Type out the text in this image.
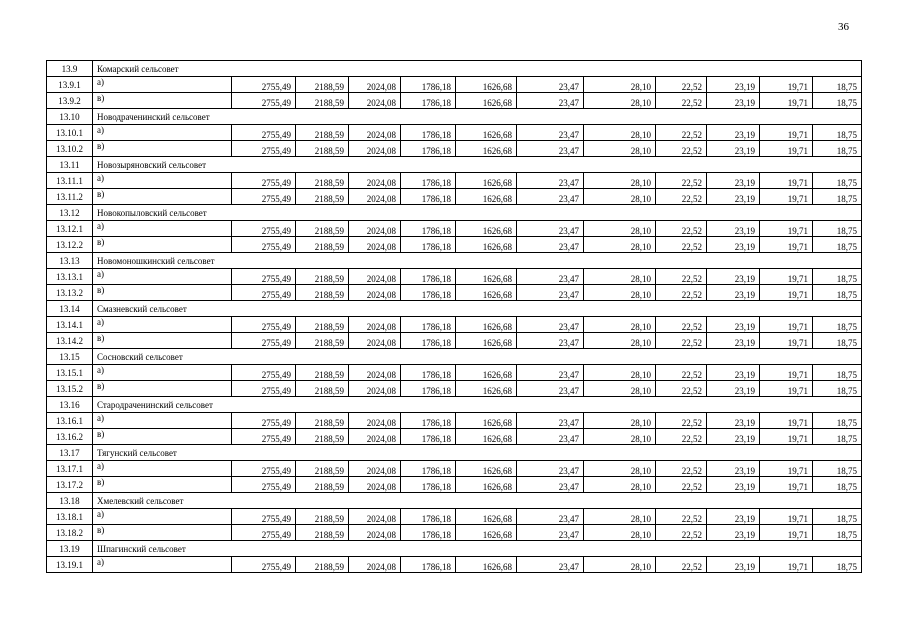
36
13.9	Комарский сельсовет											
13.9.1	а)	2755,49	2188,59	2024,08	1786,18	1626,68	23,47	28,10	22,52	23,19	19,71	18,75
13.9.2	в)	2755,49	2188,59	2024,08	1786,18	1626,68	23,47	28,10	22,52	23,19	19,71	18,75
13.10	Новодраченинский сельсовет											
13.10.1	а)	2755,49	2188,59	2024,08	1786,18	1626,68	23,47	28,10	22,52	23,19	19,71	18,75
13.10.2	в)	2755,49	2188,59	2024,08	1786,18	1626,68	23,47	28,10	22,52	23,19	19,71	18,75
13.11	Новозыряновский сельсовет											
13.11.1	а)	2755,49	2188,59	2024,08	1786,18	1626,68	23,47	28,10	22,52	23,19	19,71	18,75
13.11.2	в)	2755,49	2188,59	2024,08	1786,18	1626,68	23,47	28,10	22,52	23,19	19,71	18,75
13.12	Новокопыловский сельсовет											
13.12.1	а)	2755,49	2188,59	2024,08	1786,18	1626,68	23,47	28,10	22,52	23,19	19,71	18,75
13.12.2	в)	2755,49	2188,59	2024,08	1786,18	1626,68	23,47	28,10	22,52	23,19	19,71	18,75
13.13	Новомоношкинский сельсовет											
13.13.1	а)	2755,49	2188,59	2024,08	1786,18	1626,68	23,47	28,10	22,52	23,19	19,71	18,75
13.13.2	в)	2755,49	2188,59	2024,08	1786,18	1626,68	23,47	28,10	22,52	23,19	19,71	18,75
13.14	Смазневский сельсовет											
13.14.1	а)	2755,49	2188,59	2024,08	1786,18	1626,68	23,47	28,10	22,52	23,19	19,71	18,75
13.14.2	в)	2755,49	2188,59	2024,08	1786,18	1626,68	23,47	28,10	22,52	23,19	19,71	18,75
13.15	Сосновский сельсовет											
13.15.1	а)	2755,49	2188,59	2024,08	1786,18	1626,68	23,47	28,10	22,52	23,19	19,71	18,75
13.15.2	в)	2755,49	2188,59	2024,08	1786,18	1626,68	23,47	28,10	22,52	23,19	19,71	18,75
13.16	Стародраченинский сельсовет											
13.16.1	а)	2755,49	2188,59	2024,08	1786,18	1626,68	23,47	28,10	22,52	23,19	19,71	18,75
13.16.2	в)	2755,49	2188,59	2024,08	1786,18	1626,68	23,47	28,10	22,52	23,19	19,71	18,75
13.17	Тягунский сельсовет											
13.17.1	а)	2755,49	2188,59	2024,08	1786,18	1626,68	23,47	28,10	22,52	23,19	19,71	18,75
13.17.2	в)	2755,49	2188,59	2024,08	1786,18	1626,68	23,47	28,10	22,52	23,19	19,71	18,75
13.18	Хмелевский сельсовет											
13.18.1	а)	2755,49	2188,59	2024,08	1786,18	1626,68	23,47	28,10	22,52	23,19	19,71	18,75
13.18.2	в)	2755,49	2188,59	2024,08	1786,18	1626,68	23,47	28,10	22,52	23,19	19,71	18,75
13.19	Шпагинский сельсовет											
13.19.1	а)	2755,49	2188,59	2024,08	1786,18	1626,68	23,47	28,10	22,52	23,19	19,71	18,75
